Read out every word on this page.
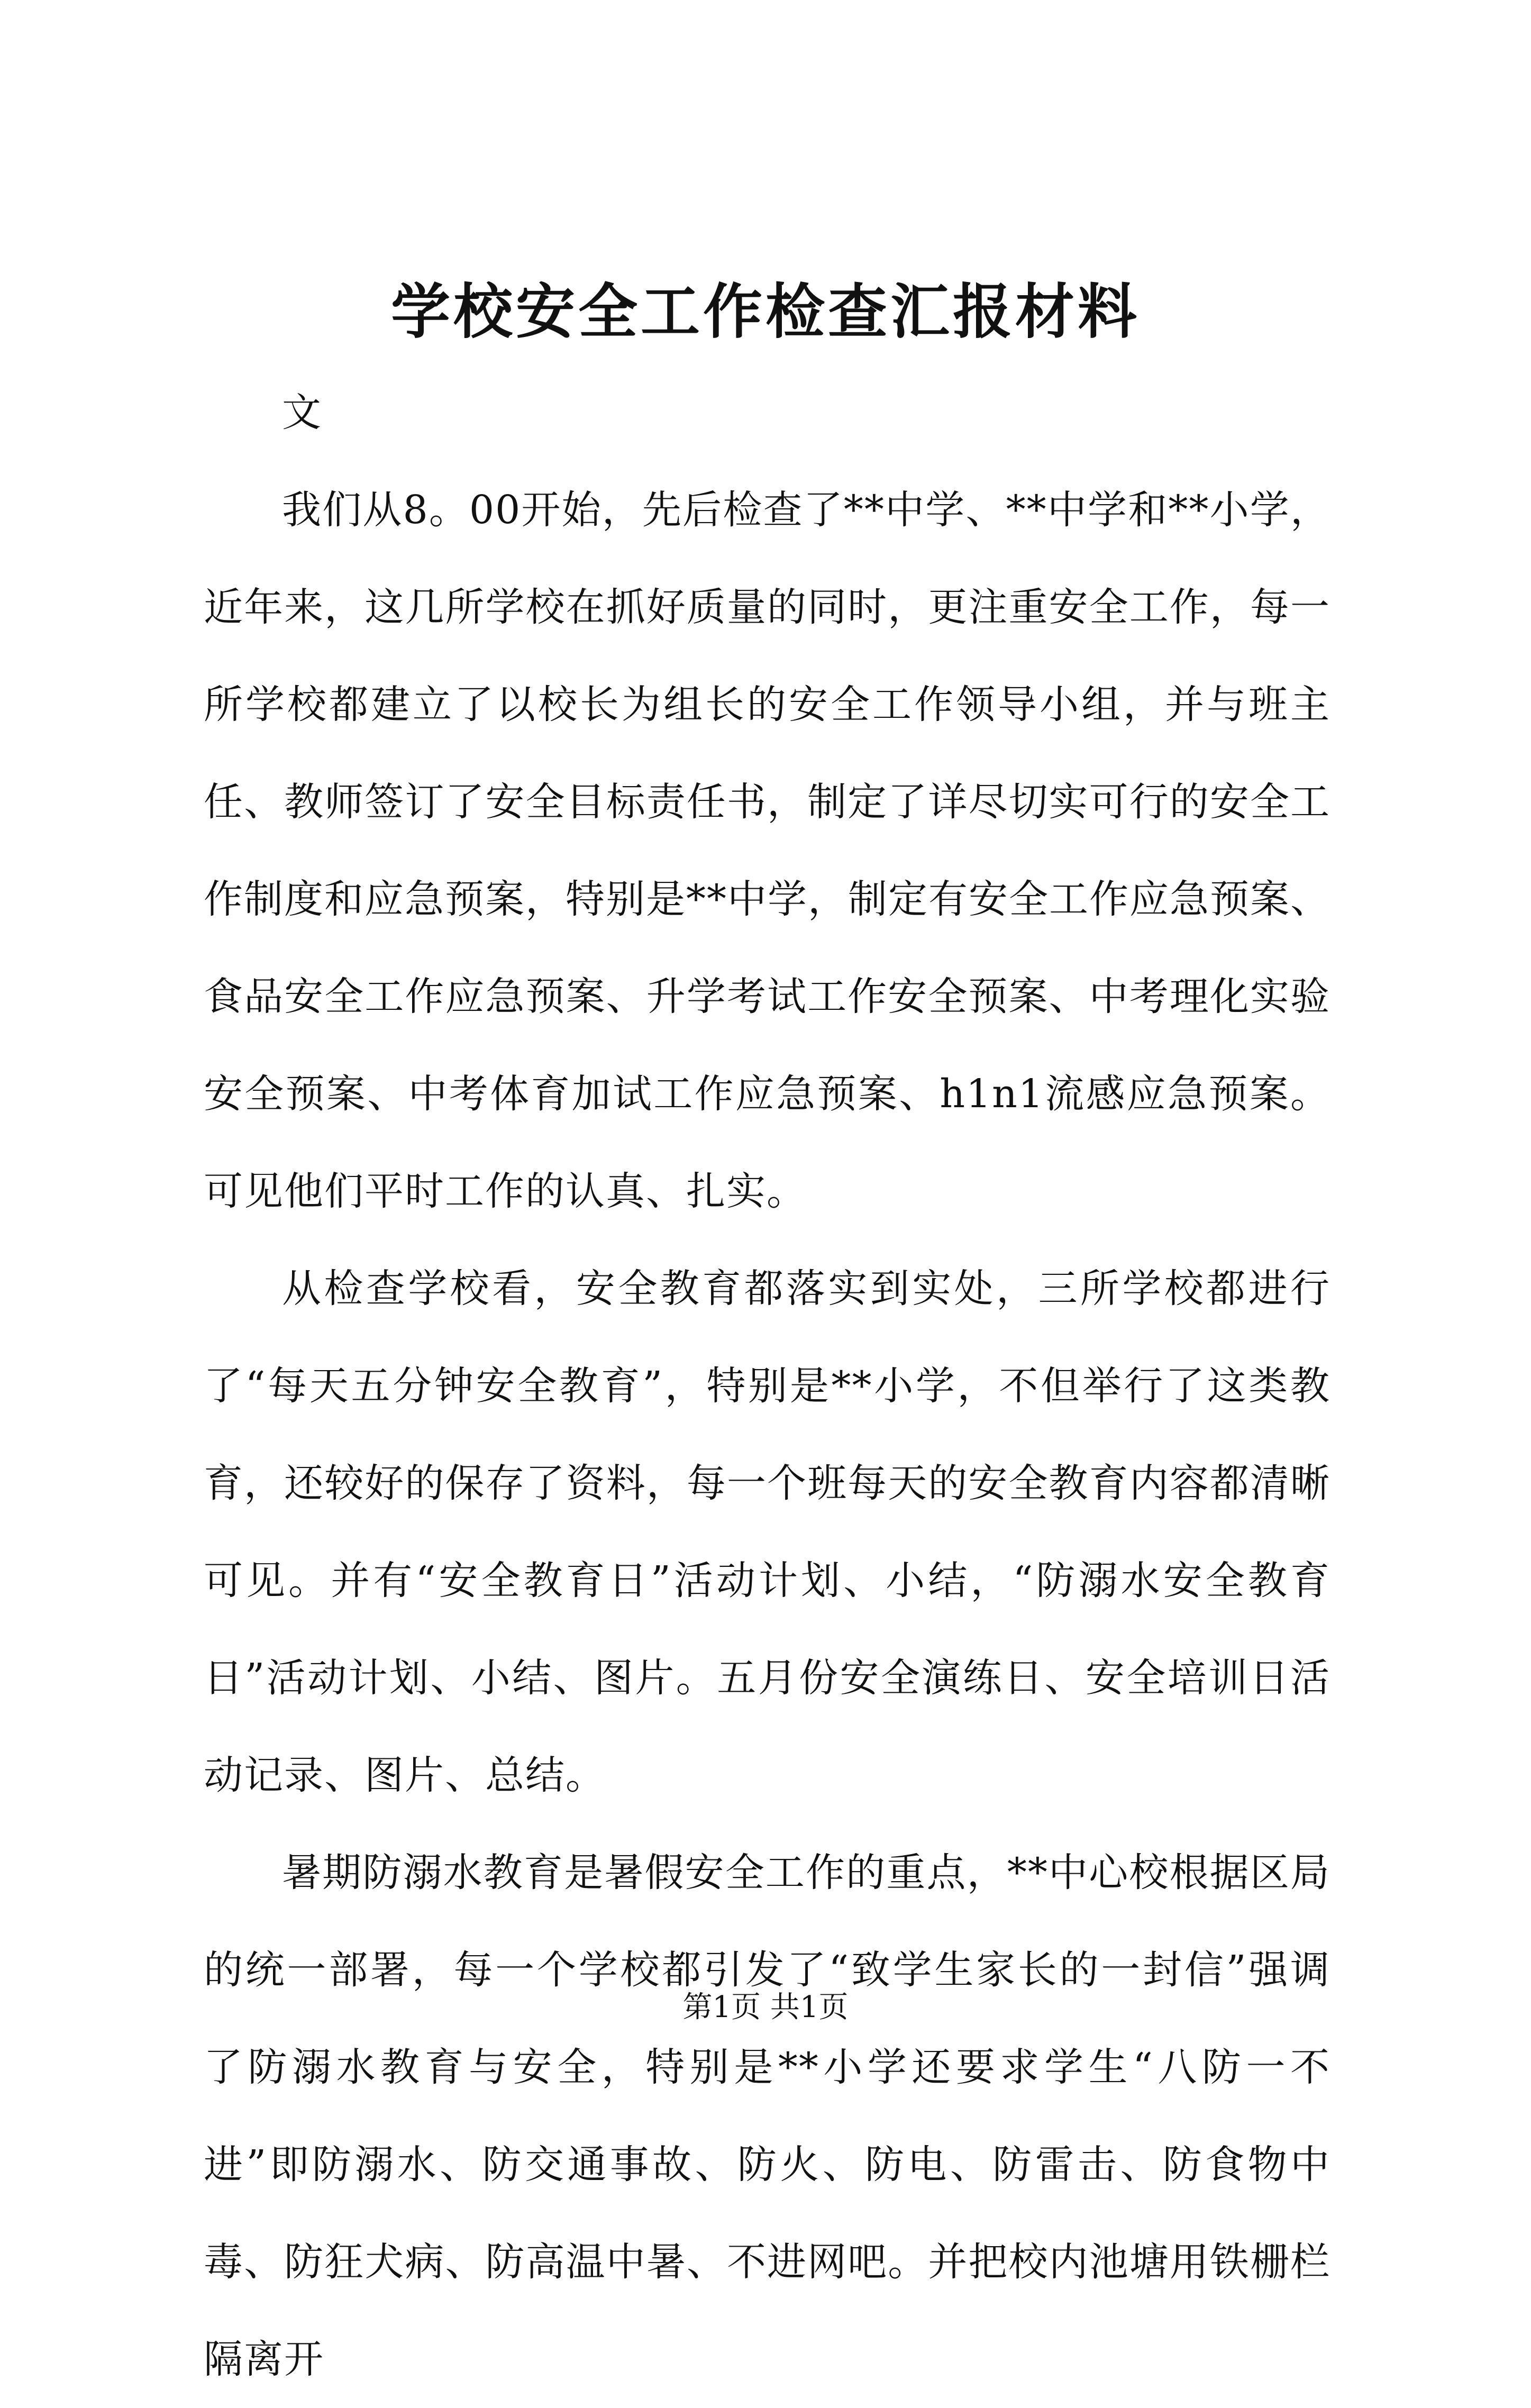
学校安全工作检查汇报材料

文

我们从8。00开始，先后检查了**中学、**中学和**小学，近年来，这几所学校在抓好质量的同时，更注重安全工作，每一所学校都建立了以校长为组长的安全工作领导小组，并与班主任、教师签订了安全目标责任书，制定了详尽切实可行的安全工作制度和应急预案，特别是**中学，制定有安全工作应急预案、食品安全工作应急预案、升学考试工作安全预案、中考理化实验安全预案、中考体育加试工作应急预案、h1n1流感应急预案。可见他们平时工作的认真、扎实。

从检查学校看，安全教育都落实到实处，三所学校都进行了“每天五分钟安全教育”，特别是**小学，不但举行了这类教育，还较好的保存了资料，每一个班每天的安全教育内容都清晰可见。并有“安全教育日”活动计划、小结，“防溺水安全教育日”活动计划、小结、图片。五月份安全演练日、安全培训日活动记录、图片、总结。

暑期防溺水教育是暑假安全工作的重点，**中心校根据区局的统一部署，每一个学校都引发了“致学生家长的一封信”强调了防溺水教育与安全，特别是**小学还要求学生“八防一不进”即防溺水、防交通事故、防火、防电、防雷击、防食物中毒、防狂犬病、防高温中暑、不进网吧。并把校内池塘用铁栅栏隔离开

第1页 共1页
